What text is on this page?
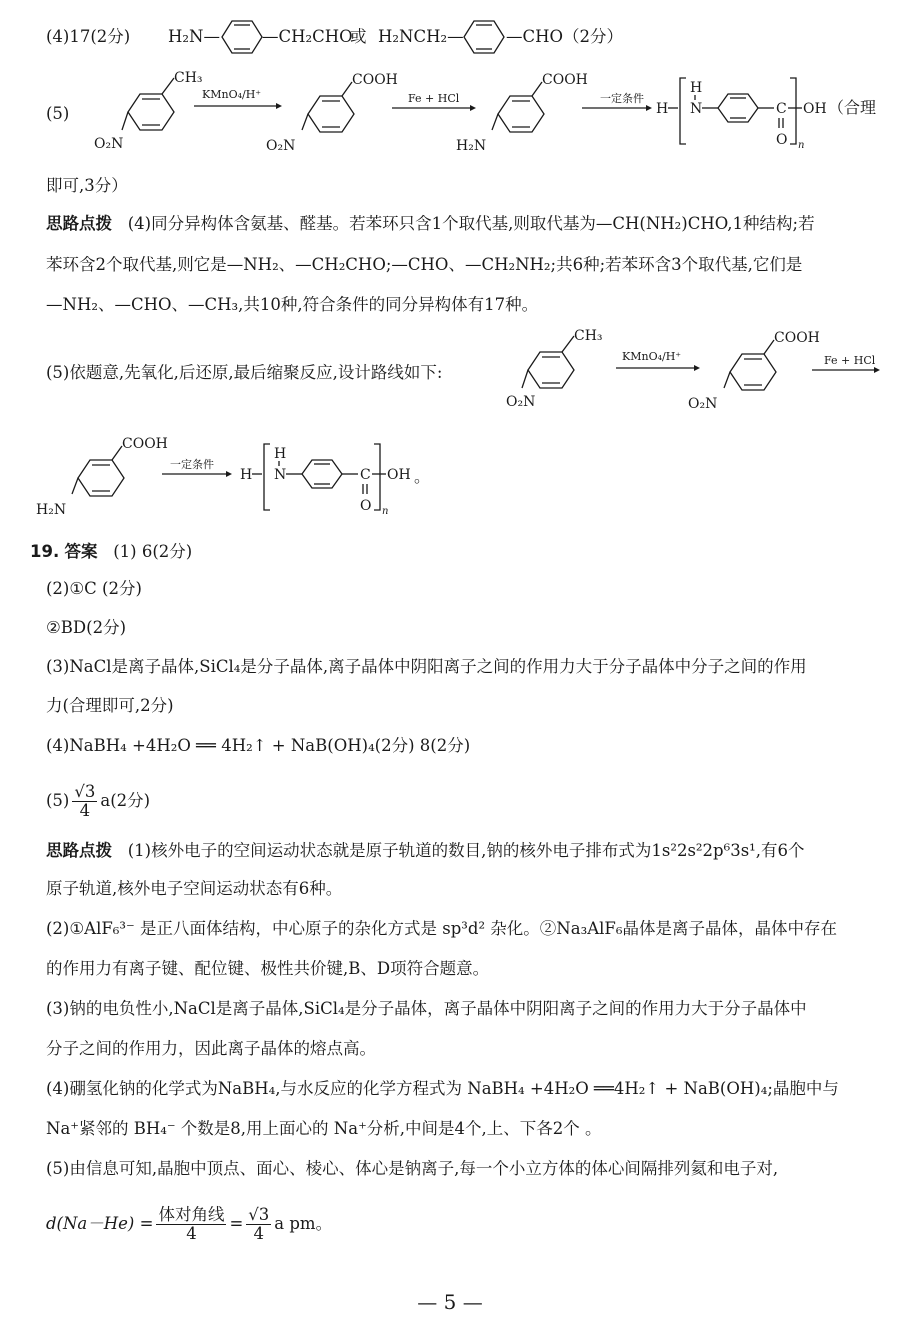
(4)17(2分) H₂N—	—CH₂CHO
或 H₂NCH₂—	—CHO（2分）
(5)
CH₃
O₂N
KMnO₄/H⁺
COOH
O₂N
Fe + HCl
COOH
H₂N
一定条件
H
H
N	C
O n
OH （合理
即可,3分）
思路点拨 (4)同分异构体含氨基、醛基。若苯环只含1个取代基,则取代基为—CH(NH₂)CHO,1种结构;若
苯环含2个取代基,则它是—NH₂、—CH₂CHO;—CHO、—CH₂NH₂;共6种;若苯环含3个取代基,它们是
—NH₂、—CHO、—CH₃,共10种,符合条件的同分异构体有17种。
(5)依题意,先氧化,后还原,最后缩聚反应,设计路线如下:
CH₃
O₂N
KMnO₄/H⁺
COOH
O₂N
Fe + HCl
COOH
H₂N
一定条件
H
H
N	C
O n
OH 。
19. 答案 (1) 6(2分)
(2)①C (2分)
②BD(2分)
(3)NaCl是离子晶体,SiCl₄是分子晶体,离子晶体中阴阳离子之间的作用力大于分子晶体中分子之间的作用
力(合理即可,2分)
(4)NaBH₄ +4H₂O ══ 4H₂↑ + NaB(OH)₄(2分) 8(2分)
$(5) \frac{√3}{4} a(2$分)
思路点拨 (1)核外电子的空间运动状态就是原子轨道的数目,钠的核外电子排布式为1s²2s²2p⁶3s¹,有6个
原子轨道,核外电子空间运动状态有6种。
(2)①AlF₆³⁻ 是正八面体结构，中心原子的杂化方式是 sp³d² 杂化。②Na₃AlF₆晶体是离子晶体，晶体中存在
的作用力有离子键、配位键、极性共价键,B、D项符合题意。
(3)钠的电负性小,NaCl是离子晶体,SiCl₄是分子晶体，离子晶体中阴阳离子之间的作用力大于分子晶体中
分子之间的作用力，因此离子晶体的熔点高。
(4)硼氢化钠的化学式为NaBH₄,与水反应的化学方程式为 NaBH₄ +4H₂O ══4H₂↑ + NaB(OH)₄;晶胞中与
Na⁺紧邻的 BH₄⁻ 个数是8,用上面心的 Na⁺分析,中间是4个,上、下各2个 。
(5)由信息可知,晶胞中顶点、面心、棱心、体心是钠离子,每一个小立方体的体心间隔排列氦和电子对,
$d(Na-He) = \frac{\text{体对角线}}{4} = \frac{√3}{4}$ a pm。
— 5 —
